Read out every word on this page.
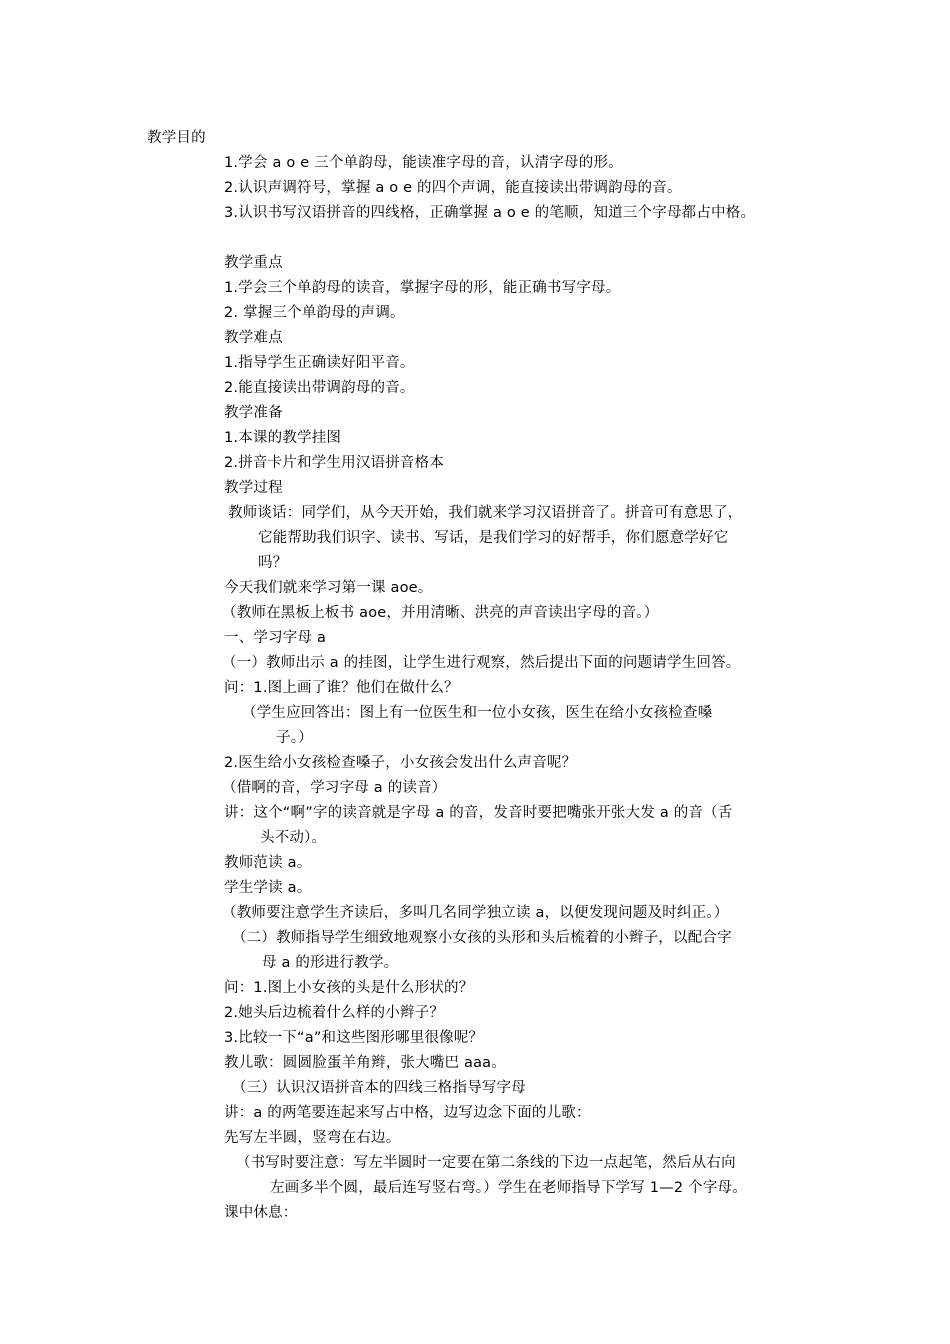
教学目的
1.学会 a o e 三个单韵母，能读准字母的音，认清字母的形。
2.认识声调符号，掌握 a o e 的四个声调，能直接读出带调韵母的音。
3.认识书写汉语拼音的四线格，正确掌握 a o e 的笔顺，知道三个字母都占中格。
教学重点
1.学会三个单韵母的读音，掌握字母的形，能正确书写字母。
2. 掌握三个单韵母的声调。
教学难点
1.指导学生正确读好阳平音。
2.能直接读出带调韵母的音。
教学准备
1.本课的教学挂图
2.拼音卡片和学生用汉语拼音格本
教学过程
教师谈话：同学们，从今天开始，我们就来学习汉语拼音了。拼音可有意思了，
它能帮助我们识字、读书、写话，是我们学习的好帮手，你们愿意学好它
吗？
今天我们就来学习第一课 aoe。
（教师在黑板上板书 aoe，并用清晰、洪亮的声音读出字母的音。）
一、学习字母 a
（一）教师出示 a 的挂图，让学生进行观察，然后提出下面的问题请学生回答。
问：1.图上画了谁？他们在做什么？
（学生应回答出：图上有一位医生和一位小女孩，医生在给小女孩检查嗓
子。）
2.医生给小女孩检查嗓子，小女孩会发出什么声音呢？
（借啊的音，学习字母 a 的读音）
讲：这个“啊”字的读音就是字母 a 的音，发音时要把嘴张开张大发 a 的音（舌
头不动）。
教师范读 a。
学生学读 a。
（教师要注意学生齐读后，多叫几名同学独立读 a，以便发现问题及时纠正。）
（二）教师指导学生细致地观察小女孩的头形和头后梳着的小辫子，以配合字
母 a 的形进行教学。
问：1.图上小女孩的头是什么形状的？
2.她头后边梳着什么样的小辫子？
3.比较一下“a”和这些图形哪里很像呢？
教儿歌：圆圆脸蛋羊角辫，张大嘴巴 aaa。
（三）认识汉语拼音本的四线三格指导写字母
讲：a 的两笔要连起来写占中格，边写边念下面的儿歌：
先写左半圆，竖弯在右边。
（书写时要注意：写左半圆时一定要在第二条线的下边一点起笔，然后从右向
左画多半个圆，最后连写竖右弯。）学生在老师指导下学写 1—2 个字母。
课中休息：
